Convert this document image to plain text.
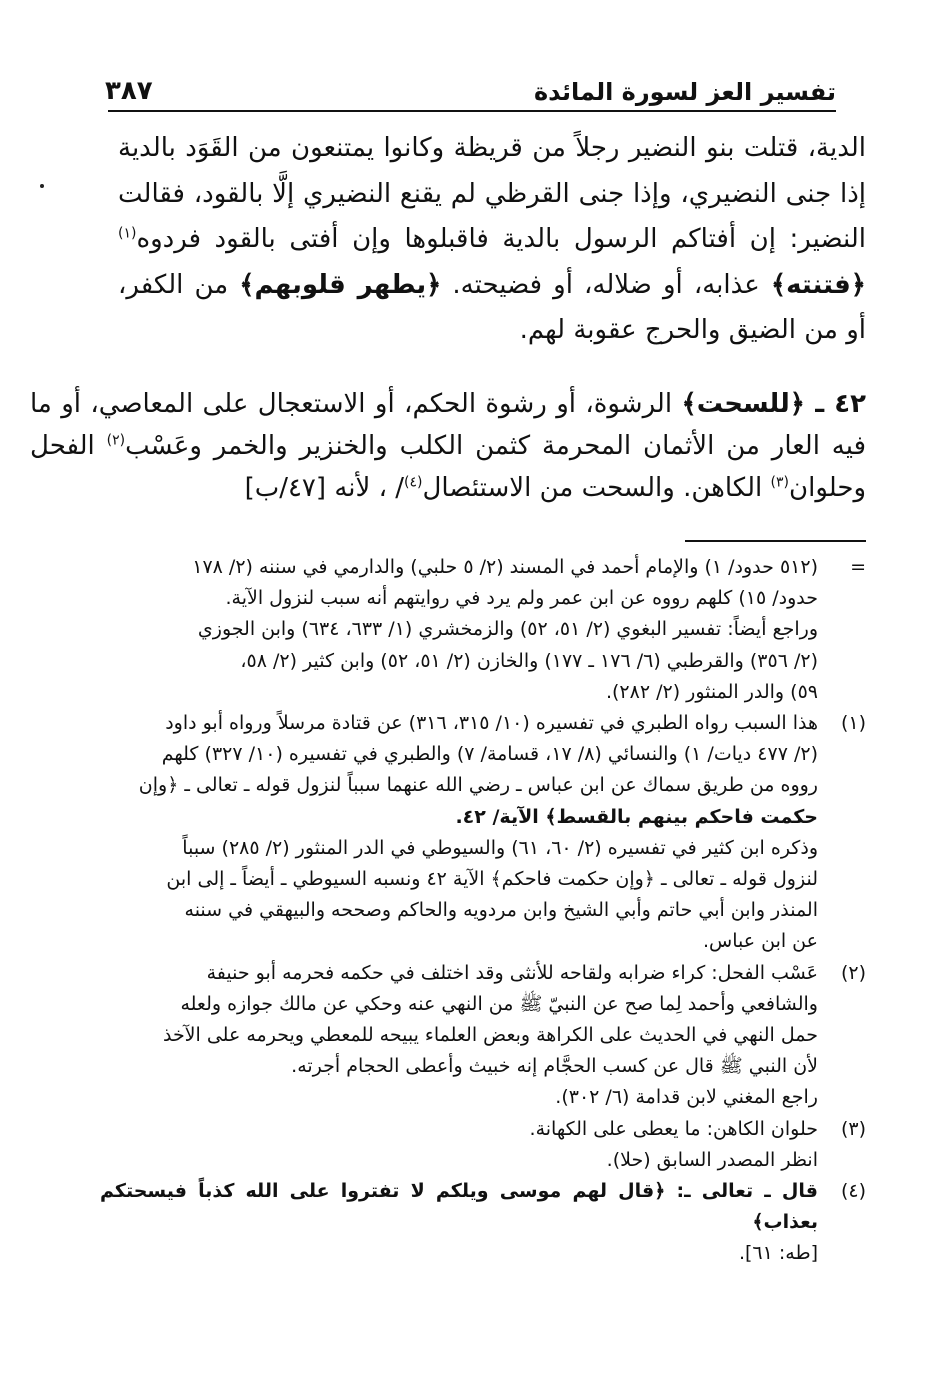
تفسير العز لسورة المائدة
٣٨٧
الدية، قتلت بنو النضير رجلاً من قريظة وكانوا يمتنعون من القَوَد بالدية إذا جنى النضيري، وإذا جنى القرظي لم يقنع النضيري إلَّا بالقود، فقالت النضير: إن أفتاكم الرسول بالدية فاقبلوها وإن أفتى بالقود فردوه$^{(١)}$ ﴿فتنته﴾ عذابه، أو ضلاله، أو فضيحته. ﴿يطهر قلوبهم﴾ من الكفر، أو من الضيق والحرج عقوبة لهم.
٤٢ ـ ﴿للسحت﴾ الرشوة، أو رشوة الحكم، أو الاستعجال على المعاصي، أو ما فيه العار من الأثمان المحرمة كثمن الكلب والخنزير والخمر وعَسْب$^{(٢)}$ الفحل وحلوان$^{(٣)}$ الكاهن. والسحت من الاستئصال$^{(٤)}$/ ، لأنه [٤٧/ب]
=
(٥١٢ حدود/ ١) والإمام أحمد في المسند (٢/ ٥ حلبي) والدارمي في سننه (٢/ ١٧٨
حدود/ ١٥) كلهم رووه عن ابن عمر ولم يرد في روايتهم أنه سبب لنزول الآية.
وراجع أيضاً: تفسير البغوي (٢/ ٥١، ٥٢) والزمخشري (١/ ٦٣٣، ٦٣٤) وابن الجوزي
(٢/ ٣٥٦) والقرطبي (٦/ ١٧٦ ـ ١٧٧) والخازن (٢/ ٥١، ٥٢) وابن كثير (٢/ ٥٨،
٥٩) والدر المنثور (٢/ ٢٨٢).
(١)
هذا السبب رواه الطبري في تفسيره (١٠/ ٣١٥، ٣١٦) عن قتادة مرسلاً ورواه أبو داود
(٢/ ٤٧٧ ديات/ ١) والنسائي (٨/ ١٧، قسامة/ ٧) والطبري في تفسيره (١٠/ ٣٢٧) كلهم
رووه من طريق سماك عن ابن عباس ـ رضي الله عنهما سبباً لنزول قوله ـ تعالى ـ ﴿وإن
حكمت فاحكم بينهم بالقسط﴾ الآية/ ٤٢.
وذكره ابن كثير في تفسيره (٢/ ٦٠، ٦١) والسيوطي في الدر المنثور (٢/ ٢٨٥) سبباً
لنزول قوله ـ تعالى ـ ﴿وإن حكمت فاحكم﴾ الآية ٤٢ ونسبه السيوطي ـ أيضاً ـ إلى ابن
المنذر وابن أبي حاتم وأبي الشيخ وابن مردويه والحاكم وصححه والبيهقي في سننه
عن ابن عباس.
(٢)
عَسْب الفحل: كراء ضرابه ولقاحه للأنثى وقد اختلف في حكمه فحرمه أبو حنيفة
والشافعي وأحمد لِما صح عن النبيّ ﷺ من النهي عنه وحكي عن مالك جوازه ولعله
حمل النهي في الحديث على الكراهة وبعض العلماء يبيحه للمعطي ويحرمه على الآخذ
لأن النبي ﷺ قال عن كسب الحجَّام إنه خبيث وأعطى الحجام أجرته.
راجع المغني لابن قدامة (٦/ ٣٠٢).
(٣)
حلوان الكاهن: ما يعطى على الكهانة.
انظر المصدر السابق (حلا).
(٤)
قال ـ تعالى ـ: ﴿قال لهم موسى ويلكم لا تفتروا على الله كذباً فيسحتكم بعذاب﴾
[طه: ٦١].
